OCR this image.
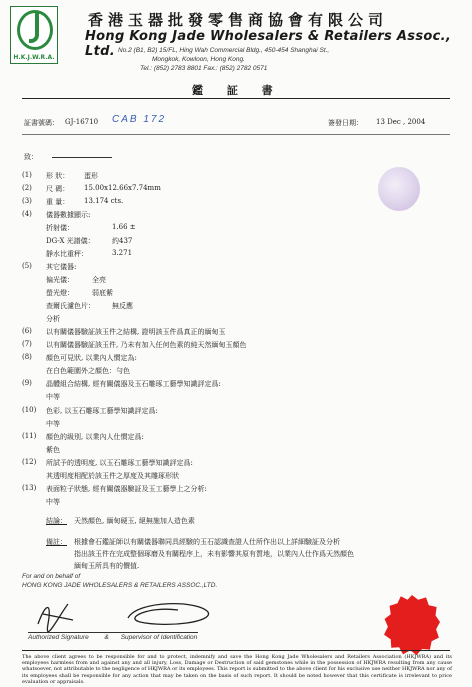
H.K.J.W.R.A.
香港玉器批發零售商協會有限公司
Hong Kong Jade Wholesalers & Retailers Assoc., Ltd. No.2 (B1, B2) 15/FL, Hing Wah Commercial Bldg., 450-454 Shanghai St.,
Mongkok, Kowloon, Hong Kong.
Tel.: (852) 2783 8801 Fax.: (852) 2782 0571
鑑 証 書
証書號碼： GJ-16710 CAB 172	簽發日期： 13 Dec , 2004
致：
(1) 形 狀： 蛋形
(2) 尺 碼： 15.00x12.66x7.74mm
(3) 重 量： 13.174 cts.
(4) 儀器數據顯示:
折射儀：	1.66 ±
DG-X 光譜儀： 約437
靜水比重秤：	3.271
(5) 其它儀器:
偏光儀：	全亮
螢光燈：	弱底紫
查爾氏濾色片： 無反應
分析
(6) 以有關儀器驗証該玉件之結構, 證明該玉件爲真正的緬甸玉
(7) 以有關儀器驗証該玉件, 乃未有加入任何色素的純天然緬甸玉顏色
(8) 顏色可見狀, 以業內人慣定為:
在白色範圍外之顏色：勻色
(9) 晶體組合結構, 經有關儀器及玉石雕琢工藝學知識評定爲:
中等
(10) 色彩, 以玉石雕琢工藝學知識評定爲:
中等
(11) 顏色的級別, 以業內人仕慣定爲:
紫色
(12) 所試予的透明度, 以玉石雕琢工藝學知識評定爲:
其透明度相配於該玉件之厚度及其雕琢形狀
(13) 表面粒子狀態, 經有關儀器驗証及玉工藝學上之分析:
中等
結論： 天然顏色, 緬甸硬玉, 絕無施加人造色素
備註： 根據會石鑑証師以有關儀器聯同具經驗的玉石認識查證人仕所作出以上詳細驗証及分析
指出該玉件在完成整個琢磨及有關程序上，未有影響其原有質地，以業內人仕作爲天然顏色
緬甸玉所具有的價值.
For and on behalf of
HONG KONG JADE WHOLESALERS & RETAILERS ASSOC.,LTD.
Authorized Signature & Supervisor of Identification
The above client agrees to be responsible for and to protect, indemnify and save the Hong Kong Jade Wholesalers and Retailers Association (HKJWRA) and its employees harmless from and against any and all injury, Loss, Damage or Destruction of said gemstones while in the possession of HKJWRA resulting from any cause whatsoever, not attributable to the negligence of HKJWRA or its employees. This report is submitted to the above client for his exclusive use neither HKJWRA nor any of its employees shall be responsible for any action that may be taken on the basis of such report. It should be noted however that this certificate is irrelevant to price evaluation or appraisals.
